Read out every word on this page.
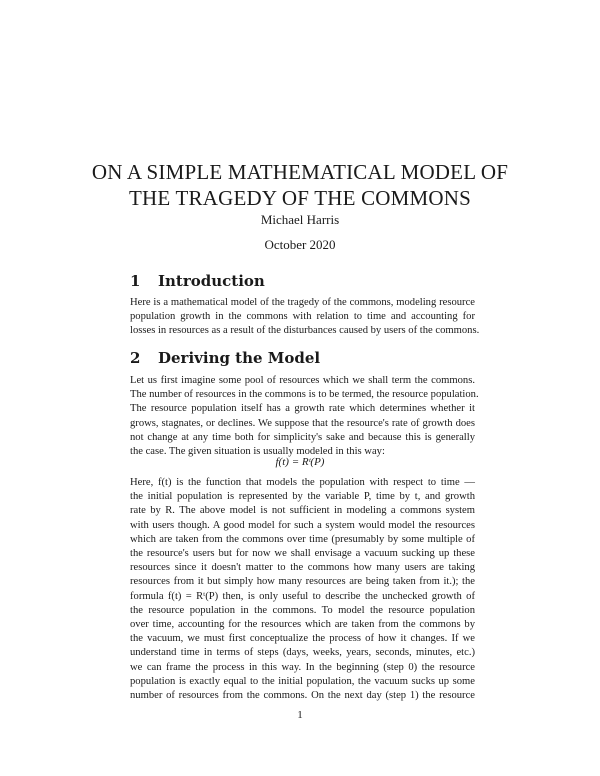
ON A SIMPLE MATHEMATICAL MODEL OF
THE TRAGEDY OF THE COMMONS
Michael Harris
October 2020
1 Introduction
Here is a mathematical model of the tragedy of the commons, modeling resource
population growth in the commons with relation to time and accounting for
losses in resources as a result of the disturbances caused by users of the commons.
2 Deriving the Model
Let us first imagine some pool of resources which we shall term the commons.
The number of resources in the commons is to be termed, the resource population.
The resource population itself has a growth rate which determines whether it
grows, stagnates, or declines. We suppose that the resource's rate of growth does
not change at any time both for simplicity's sake and because this is generally
the case. The given situation is usually modeled in this way:
f(t) = Rᵗ(P)
Here, f(t) is the function that models the population with respect to time —
the initial population is represented by the variable P, time by t, and growth
rate by R. The above model is not sufficient in modeling a commons system
with users though. A good model for such a system would model the resources
which are taken from the commons over time (presumably by some multiple of
the resource's users but for now we shall envisage a vacuum sucking up these
resources since it doesn't matter to the commons how many users are taking
resources from it but simply how many resources are being taken from it.); the
formula f(t) = Rᵗ(P) then, is only useful to describe the unchecked growth of
the resource population in the commons. To model the resource population
over time, accounting for the resources which are taken from the commons by
the vacuum, we must first conceptualize the process of how it changes. If we
understand time in terms of steps (days, weeks, years, seconds, minutes, etc.)
we can frame the process in this way. In the beginning (step 0) the resource
population is exactly equal to the initial population, the vacuum sucks up some
number of resources from the commons. On the next day (step 1) the resource
1
